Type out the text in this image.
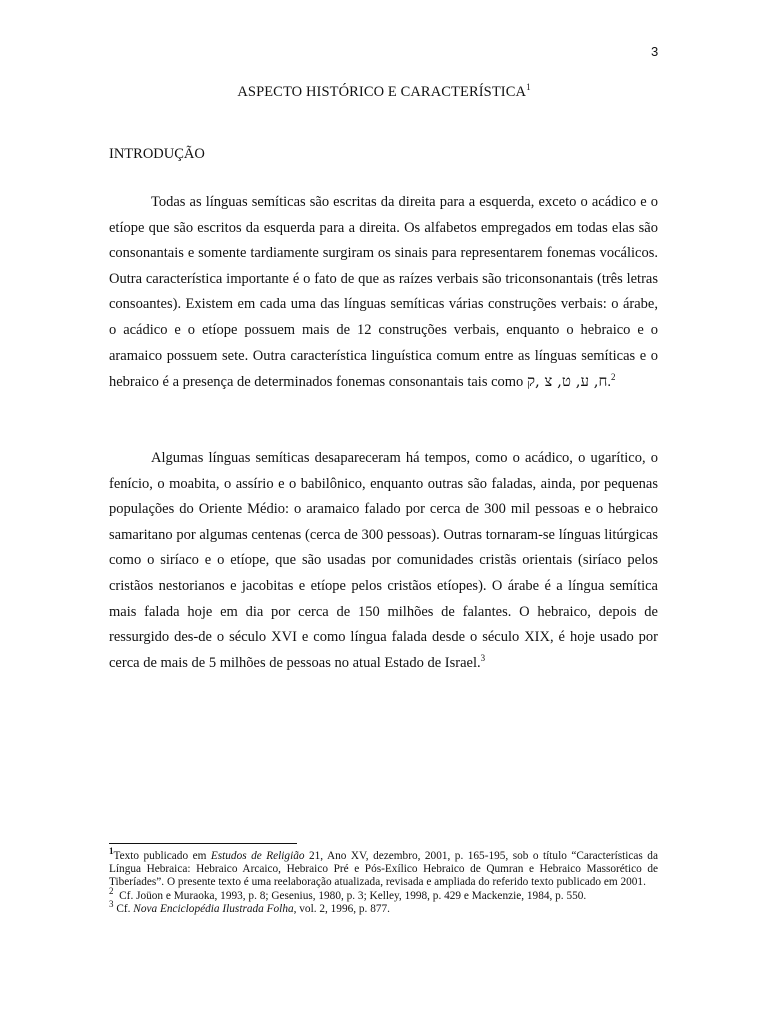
3
ASPECTO HISTÓRICO E CARACTERÍSTICA$^1$
INTRODUÇÃO

Todas as línguas semíticas são escritas da direita para a esquerda, exceto o acádico e o etíope que são escritos da esquerda para a direita. Os alfabetos empregados em todas elas são consonantais e somente tardiamente surgiram os sinais para representarem fonemas vocálicos. Outra característica importante é o fato de que as raízes verbais são triconsonantais (três letras consoantes). Existem em cada uma das línguas semíticas várias construções verbais: o árabe, o acádico e o etíope possuem mais de 12 construções verbais, enquanto o hebraico e o aramaico possuem sete. Outra característica linguística comum entre as línguas semíticas e o hebraico é a presença de determinados fonemas consonantais tais como ח, ע, ט, צ ,ק.$^2$

Algumas línguas semíticas desapareceram há tempos, como o acádico, o ugarítico, o fenício, o moabita, o assírio e o babilônico, enquanto outras são faladas, ainda, por pequenas populações do Oriente Médio: o aramaico falado por cerca de 300 mil pessoas e o hebraico samaritano por algumas centenas (cerca de 300 pessoas). Outras tornaram-se línguas litúrgicas como o siríaco e o etíope, que são usadas por comunidades cristãs orientais (siríaco pelos cristãos nestorianos e jacobitas e etíope pelos cristãos etíopes). O árabe é a língua semítica mais falada hoje em dia por cerca de 150 milhões de falantes. O hebraico, depois de ressurgido des-de o século XVI e como língua falada desde o século XIX, é hoje usado por cerca de mais de 5 milhões de pessoas no atual Estado de Israel.$^3$

$^1$Texto publicado em Estudos de Religião 21, Ano XV, dezembro, 2001, p. 165-195, sob o título “Características da Língua Hebraica: Hebraico Arcaico, Hebraico Pré e Pós-Exílico Hebraico de Qumran e Hebraico Massorético de Tiberíades”. O presente texto é uma reelaboração atualizada, revisada e ampliada do referido texto publicado em 2001.

$^2$  Cf. Joüon e Muraoka, 1993, p. 8; Gesenius, 1980, p. 3; Kelley, 1998, p. 429 e Mackenzie, 1984, p. 550.

$^3$ Cf. Nova Enciclopédia Ilustrada Folha, vol. 2, 1996, p. 877.
